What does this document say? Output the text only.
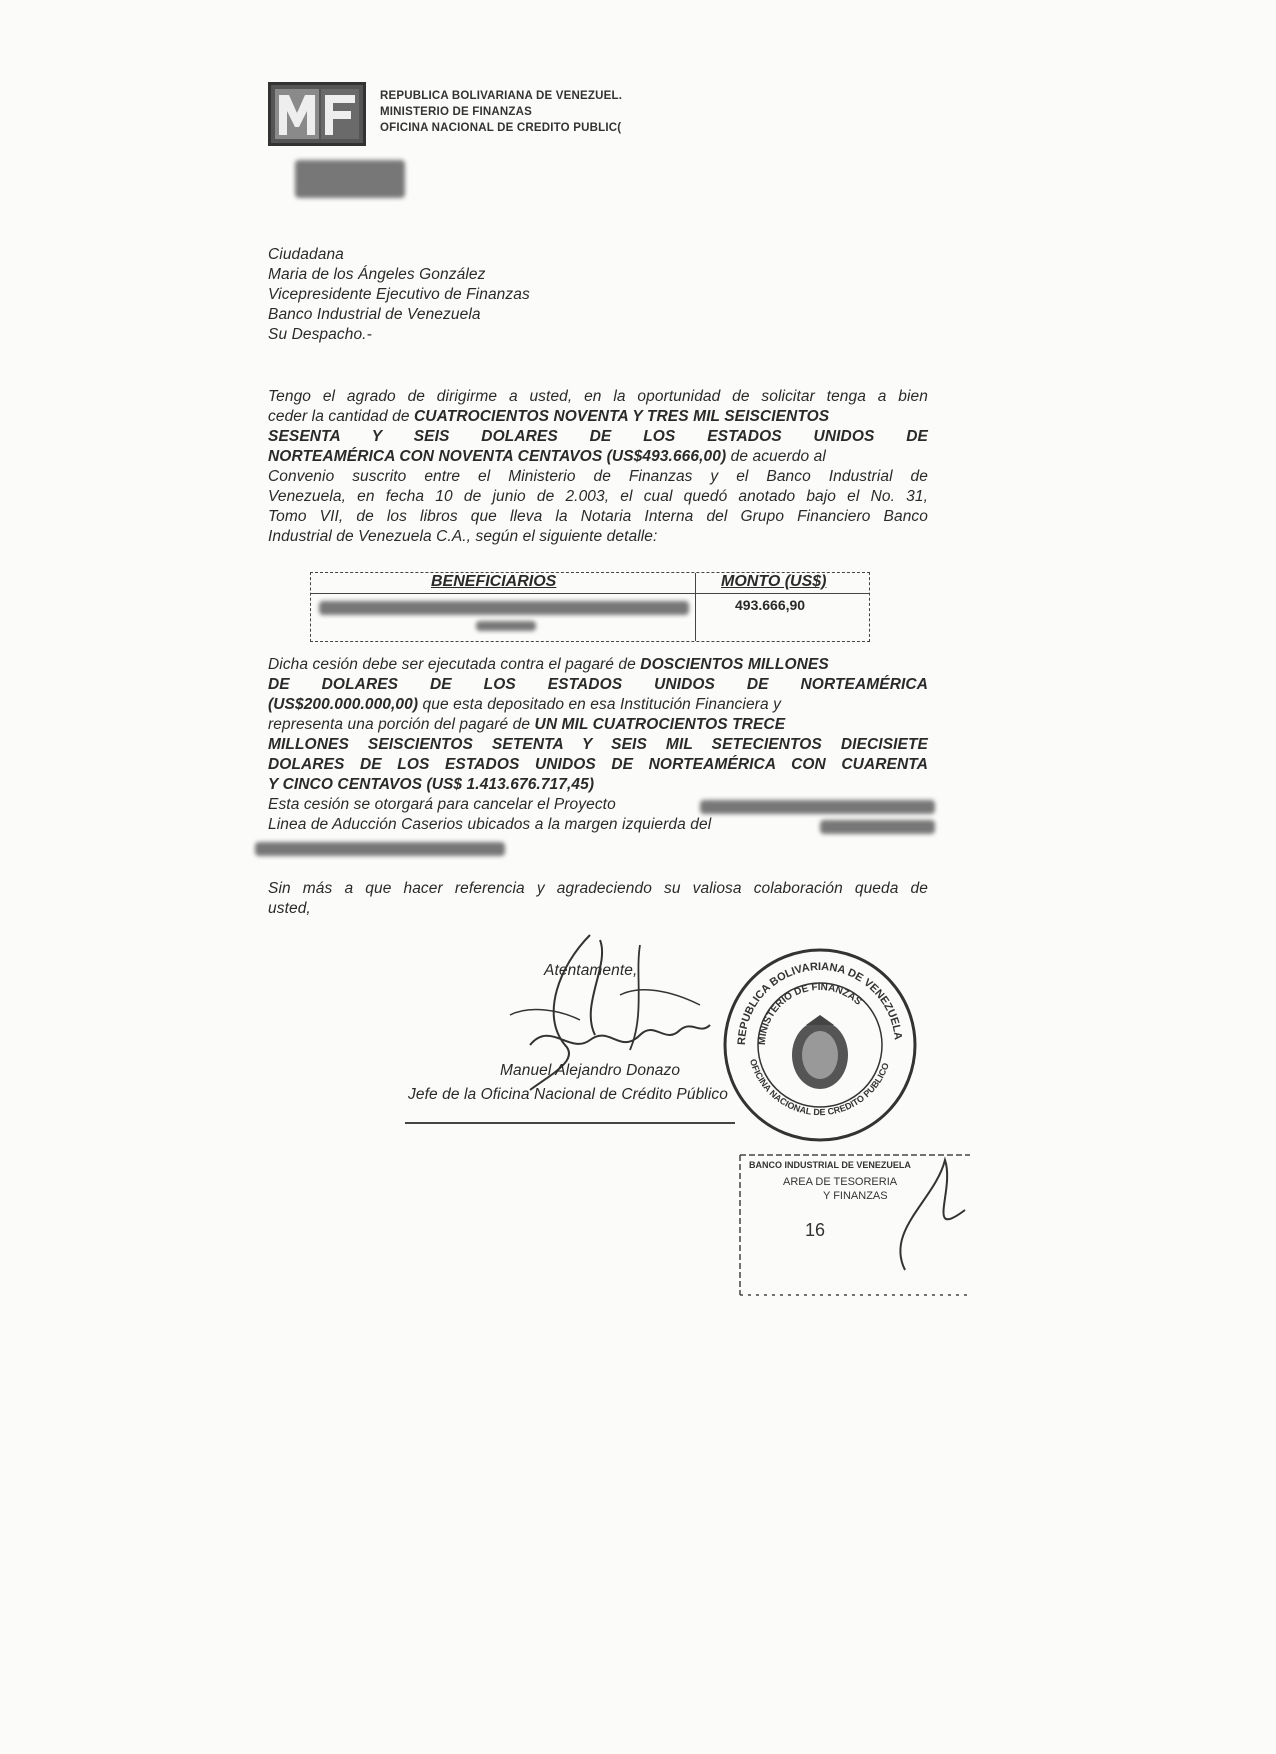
REPUBLICA BOLIVARIANA DE VENEZUEL.
MINISTERIO DE FINANZAS
OFICINA NACIONAL DE CREDITO PUBLIC(
Ciudadana
Maria de los Ángeles González
Vicepresidente Ejecutivo de Finanzas
Banco Industrial de Venezuela
Su Despacho.-
Tengo el agrado de dirigirme a usted, en la oportunidad de solicitar tenga a bien
ceder la cantidad de CUATROCIENTOS NOVENTA Y TRES MIL SEISCIENTOS
SESENTA Y SEIS DOLARES DE LOS ESTADOS UNIDOS DE
NORTEAMÉRICA CON NOVENTA CENTAVOS (US$493.666,00) de acuerdo al
Convenio suscrito entre el Ministerio de Finanzas y el Banco Industrial de
Venezuela, en fecha 10 de junio de 2.003, el cual quedó anotado bajo el No. 31,
Tomo VII, de los libros que lleva la Notaria Interna del Grupo Financiero Banco
Industrial de Venezuela C.A., según el siguiente detalle:
BENEFICIARIOS	MONTO (US$)
493.666,90
Dicha cesión debe ser ejecutada contra el pagaré de DOSCIENTOS MILLONES
DE DOLARES DE LOS ESTADOS UNIDOS DE NORTEAMÉRICA
(US$200.000.000,00) que esta depositado en esa Institución Financiera y
representa una porción del pagaré de UN MIL CUATROCIENTOS TRECE
MILLONES SEISCIENTOS SETENTA Y SEIS MIL SETECIENTOS DIECISIETE
DOLARES DE LOS ESTADOS UNIDOS DE NORTEAMÉRICA CON CUARENTA
Y CINCO CENTAVOS (US$ 1.413.676.717,45)
Esta cesión se otorgará para cancelar el Proyecto
Linea de Aducción Caserios ubicados a la margen izquierda del
Sin más a que hacer referencia y agradeciendo su valiosa colaboración queda de
usted,
Atentamente,
Manuel Alejandro Donazo
Jefe de la Oficina Nacional de Crédito Público
REPUBLICA BOLIVARIANA DE VENEZUELA
MINISTERIO DE FINANZAS
OFICINA NACIONAL DE CREDITO PUBLICO
BANCO INDUSTRIAL DE VENEZUELA
AREA DE TESORERIA
Y FINANZAS
16
